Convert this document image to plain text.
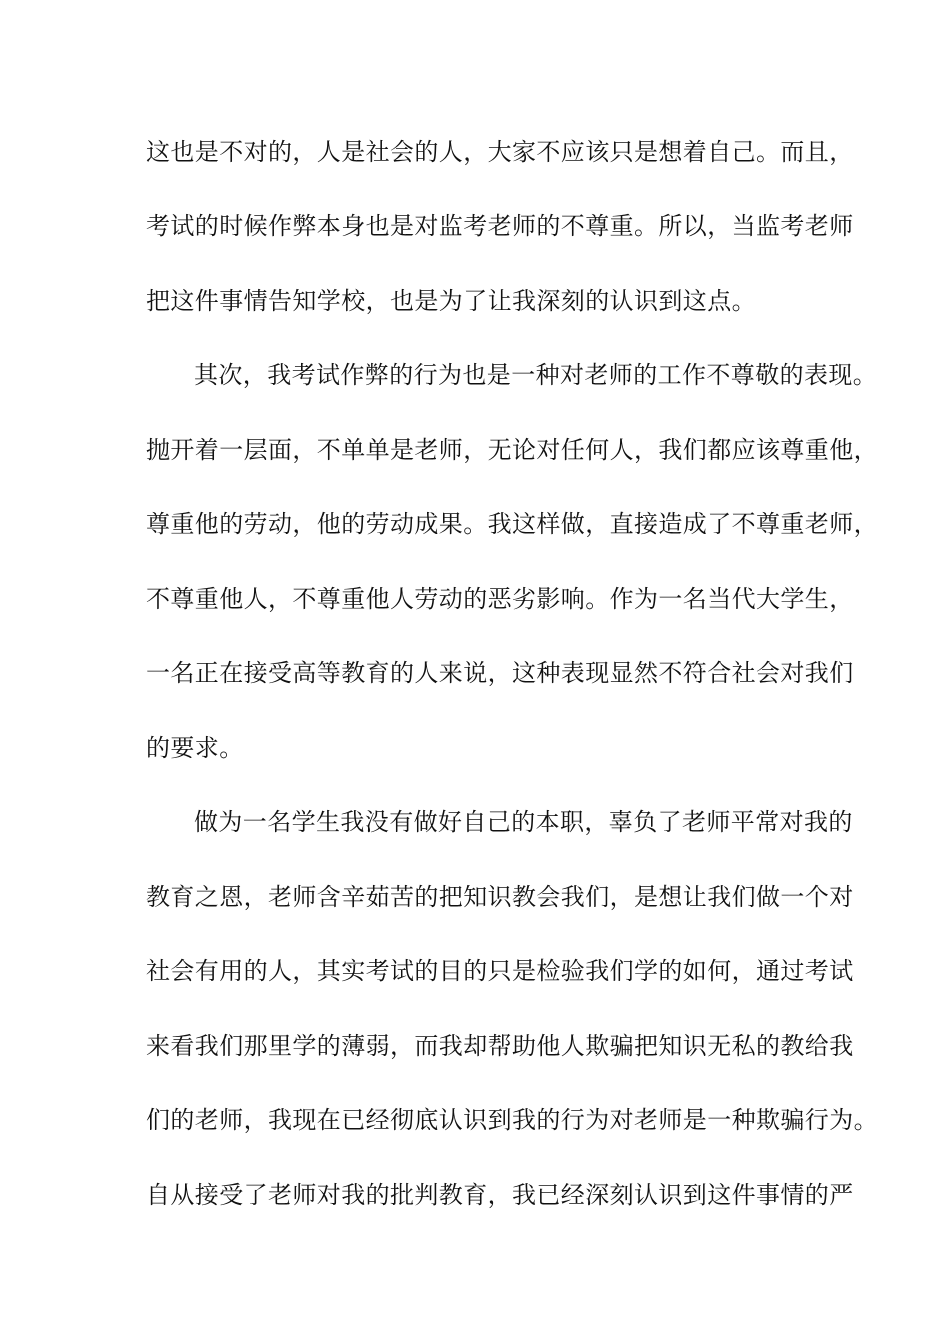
这也是不对的，人是社会的人，大家不应该只是想着自己。而且，
考试的时候作弊本身也是对监考老师的不尊重。所以，当监考老师
把这件事情告知学校，也是为了让我深刻的认识到这点。
其次，我考试作弊的行为也是一种对老师的工作不尊敬的表现。
抛开着一层面，不单单是老师，无论对任何人，我们都应该尊重他，
尊重他的劳动，他的劳动成果。我这样做，直接造成了不尊重老师，
不尊重他人，不尊重他人劳动的恶劣影响。作为一名当代大学生，
一名正在接受高等教育的人来说，这种表现显然不符合社会对我们
的要求。
做为一名学生我没有做好自己的本职，辜负了老师平常对我的
教育之恩，老师含辛茹苦的把知识教会我们，是想让我们做一个对
社会有用的人，其实考试的目的只是检验我们学的如何，通过考试
来看我们那里学的薄弱，而我却帮助他人欺骗把知识无私的教给我
们的老师，我现在已经彻底认识到我的行为对老师是一种欺骗行为。
自从接受了老师对我的批判教育，我已经深刻认识到这件事情的严
